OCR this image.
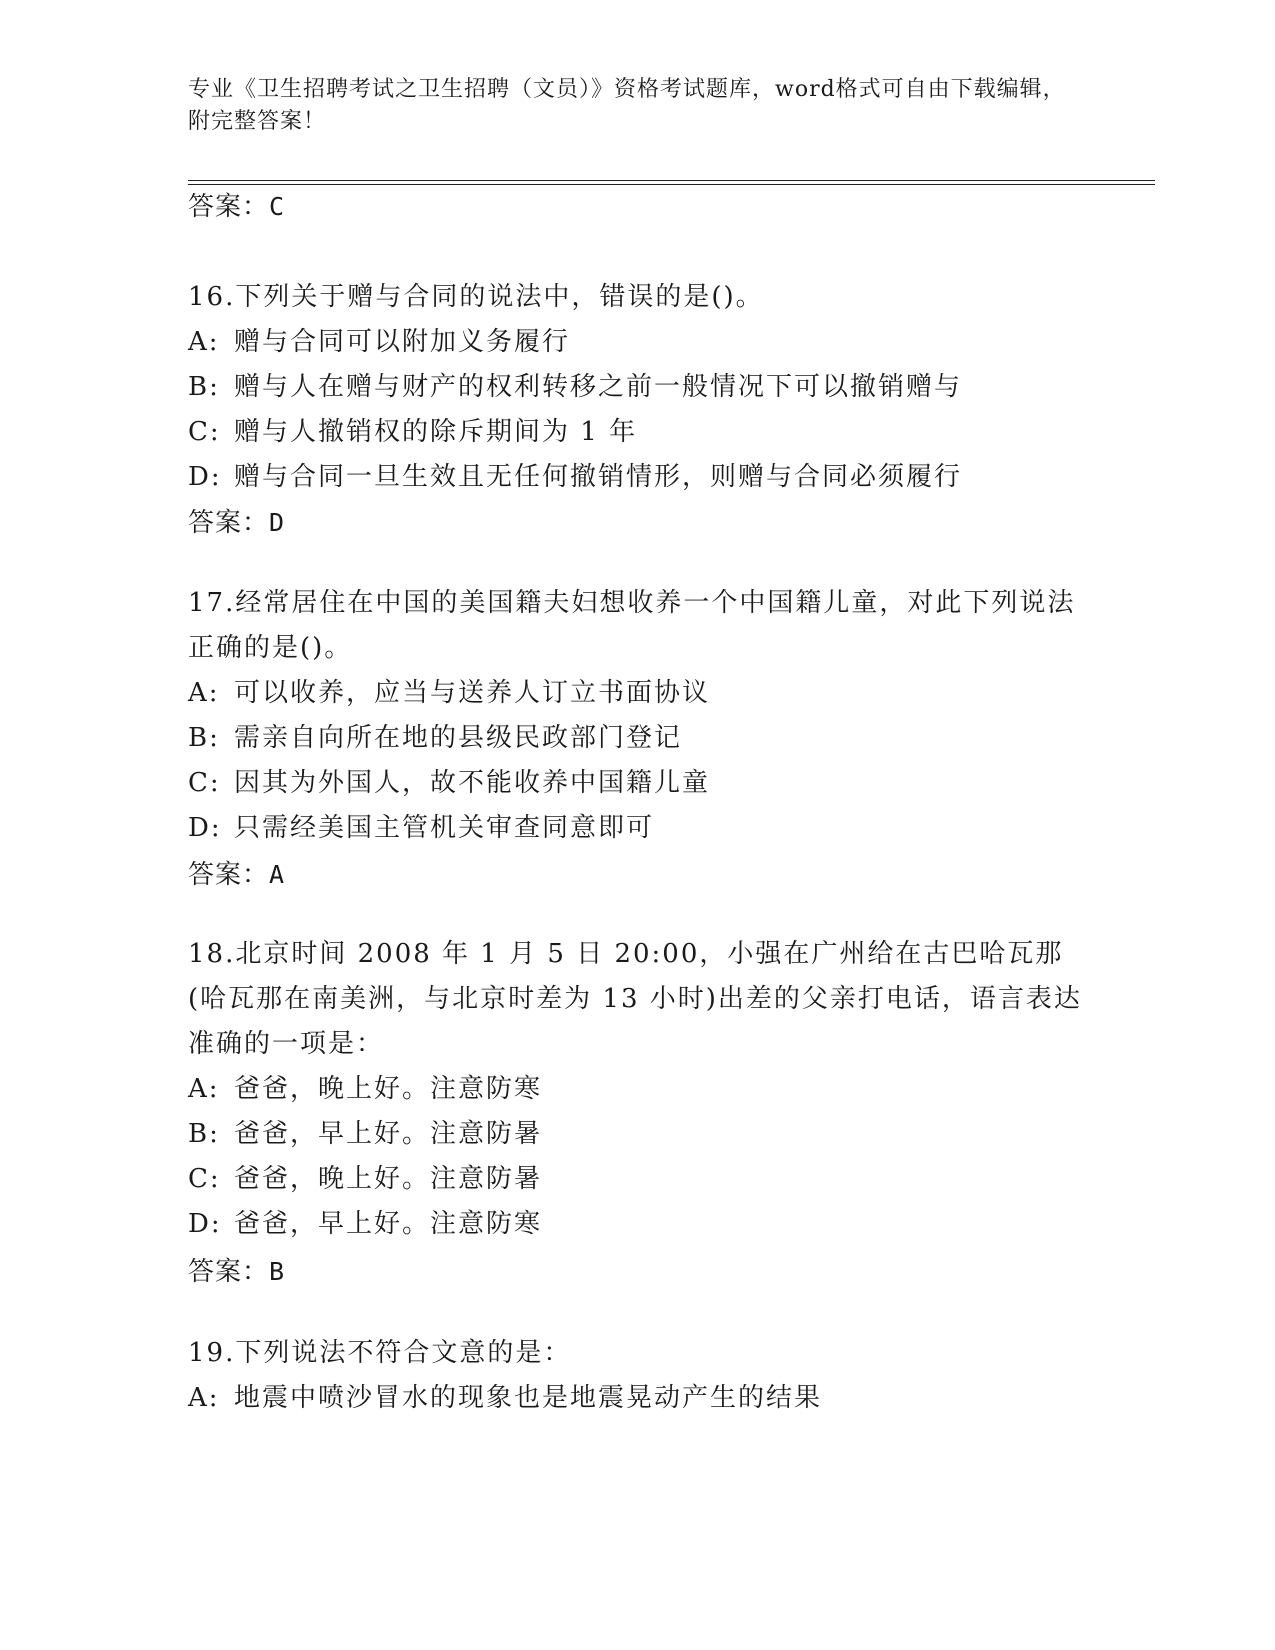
专业《卫生招聘考试之卫生招聘（文员）》资格考试题库，word格式可自由下载编辑，附完整答案！
答案：C
16.下列关于赠与合同的说法中，错误的是()。
A: 赠与合同可以附加义务履行
B: 赠与人在赠与财产的权利转移之前一般情况下可以撤销赠与
C: 赠与人撤销权的除斥期间为 1 年
D: 赠与合同一旦生效且无任何撤销情形，则赠与合同必须履行
答案：D
17.经常居住在中国的美国籍夫妇想收养一个中国籍儿童，对此下列说法正确的是()。
A: 可以收养，应当与送养人订立书面协议
B: 需亲自向所在地的县级民政部门登记
C: 因其为外国人，故不能收养中国籍儿童
D: 只需经美国主管机关审查同意即可
答案：A
18.北京时间 2008 年 1 月 5 日 20:00，小强在广州给在古巴哈瓦那(哈瓦那在南美洲，与北京时差为 13 小时)出差的父亲打电话，语言表达准确的一项是：
A: 爸爸，晚上好。注意防寒
B: 爸爸，早上好。注意防暑
C: 爸爸，晚上好。注意防暑
D: 爸爸，早上好。注意防寒
答案：B
19.下列说法不符合文意的是：
A: 地震中喷沙冒水的现象也是地震晃动产生的结果
